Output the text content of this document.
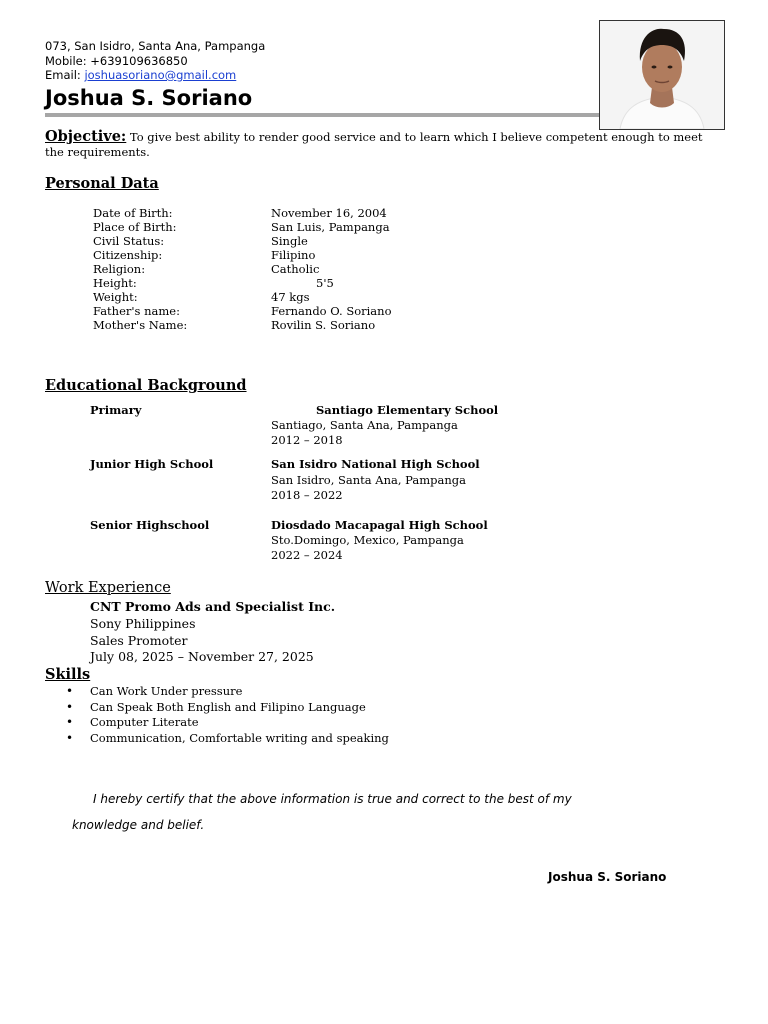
073, San Isidro, Santa Ana, Pampanga
Mobile: +639109636850
Email: joshuasoriano@gmail.com
Joshua S. Soriano
Objective: To give best ability to render good service and to learn which I believe competent enough to meet the requirements.
Personal Data
Date of Birth:	November 16, 2004
Place of Birth:	San Luis, Pampanga
Civil Status:	Single
Citizenship:	Filipino
Religion:	Catholic
Height:	5'5
Weight:	47 kgs
Father's name:	Fernando O. Soriano
Mother's Name:	Rovilin S. Soriano
Educational Background
Primary	Santiago Elementary School
Santiago, Santa Ana, Pampanga
2012 – 2018
Junior High School	San Isidro National High School
San Isidro, Santa Ana, Pampanga
2018 – 2022
Senior Highschool	Diosdado Macapagal High School
Sto.Domingo, Mexico, Pampanga
2022 – 2024
Work Experience
CNT Promo Ads and Specialist Inc.
Sony Philippines
Sales Promoter
July 08, 2025 – November 27, 2025
Skills
• Can Work Under pressure
• Can Speak Both English and Filipino Language
• Computer Literate
• Communication, Comfortable writing and speaking
I hereby certify that the above information is true and correct to the best of my
knowledge and belief.
Joshua S. Soriano
